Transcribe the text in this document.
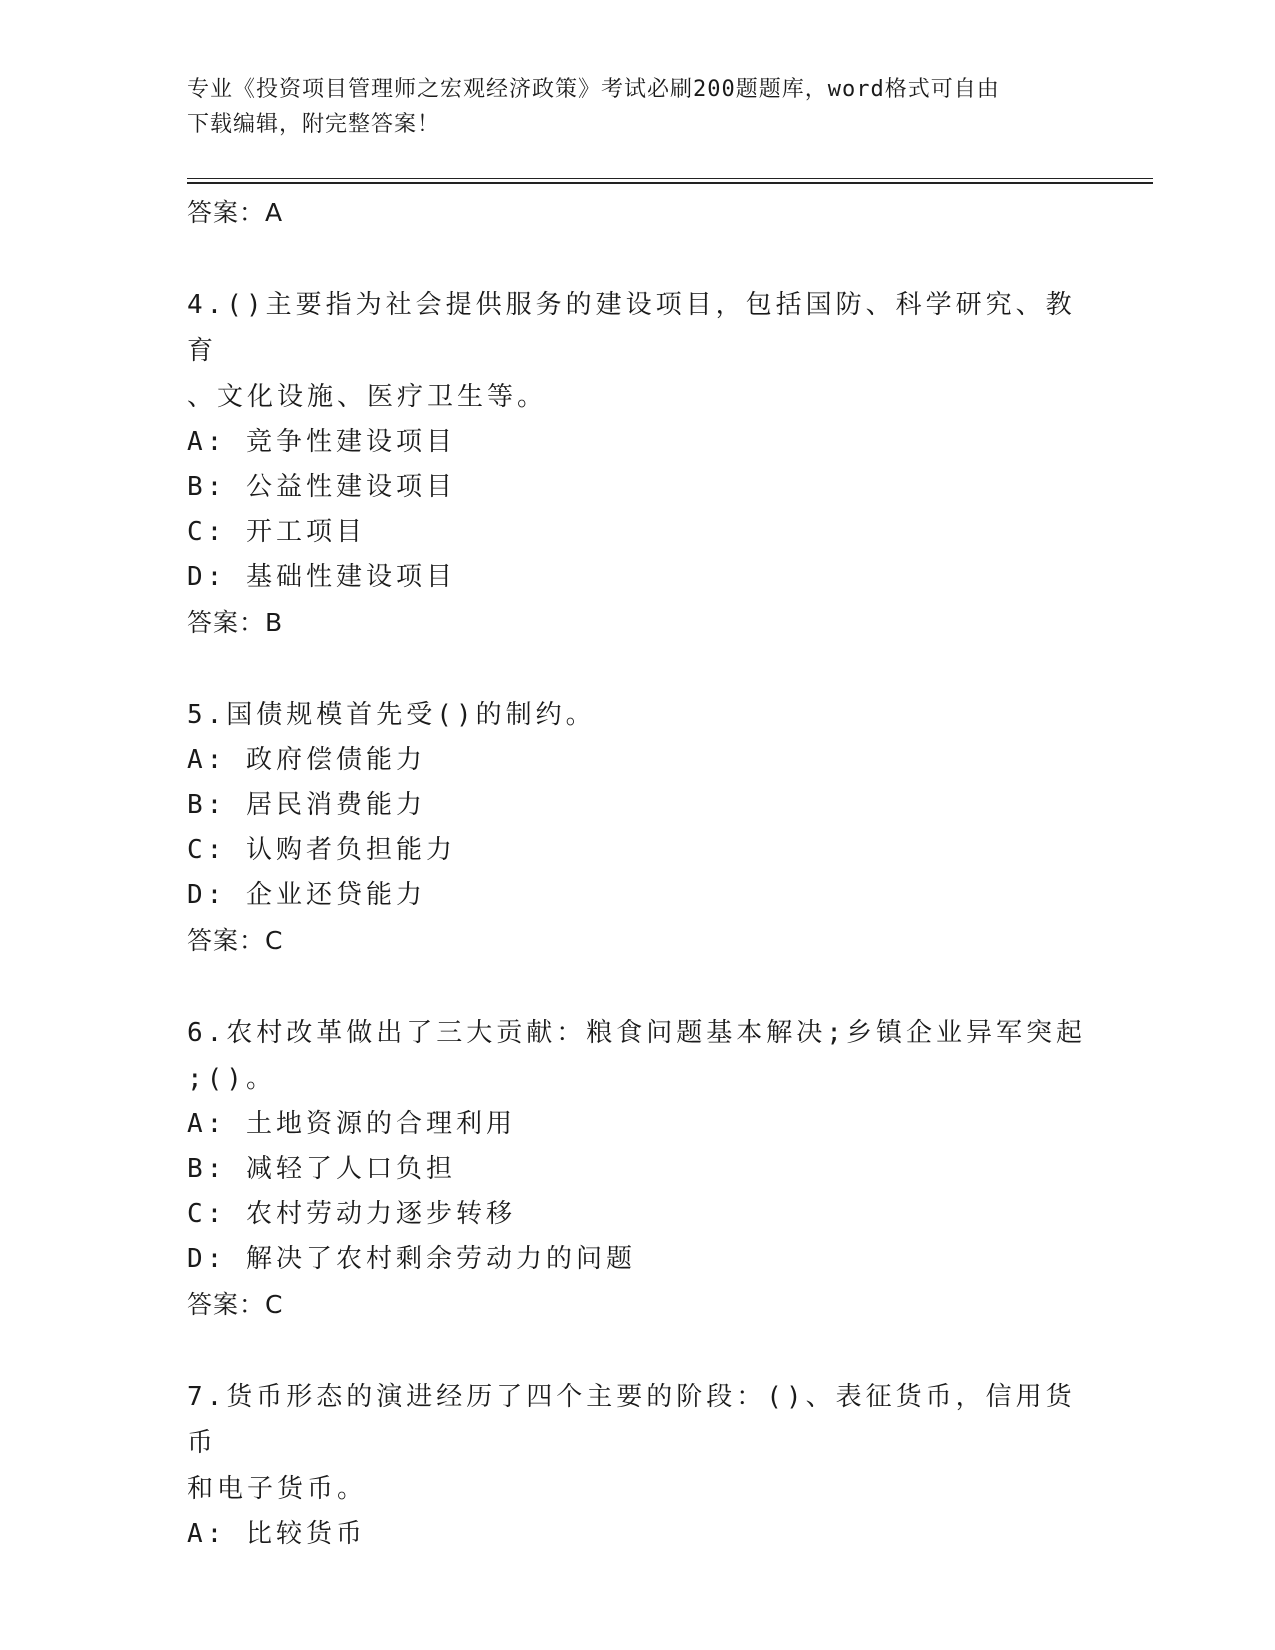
专业《投资项目管理师之宏观经济政策》考试必刷200题题库，word格式可自由
下载编辑，附完整答案！
答案：A
4.()主要指为社会提供服务的建设项目，包括国防、科学研究、教育
、文化设施、医疗卫生等。
A: 竞争性建设项目
B: 公益性建设项目
C: 开工项目
D: 基础性建设项目
答案：B
5.国债规模首先受()的制约。
A: 政府偿债能力
B: 居民消费能力
C: 认购者负担能力
D: 企业还贷能力
答案：C
6.农村改革做出了三大贡献：粮食问题基本解决;乡镇企业异军突起
;()。
A: 土地资源的合理利用
B: 减轻了人口负担
C: 农村劳动力逐步转移
D: 解决了农村剩余劳动力的问题
答案：C
7.货币形态的演进经历了四个主要的阶段：()、表征货币，信用货币
和电子货币。
A: 比较货币
